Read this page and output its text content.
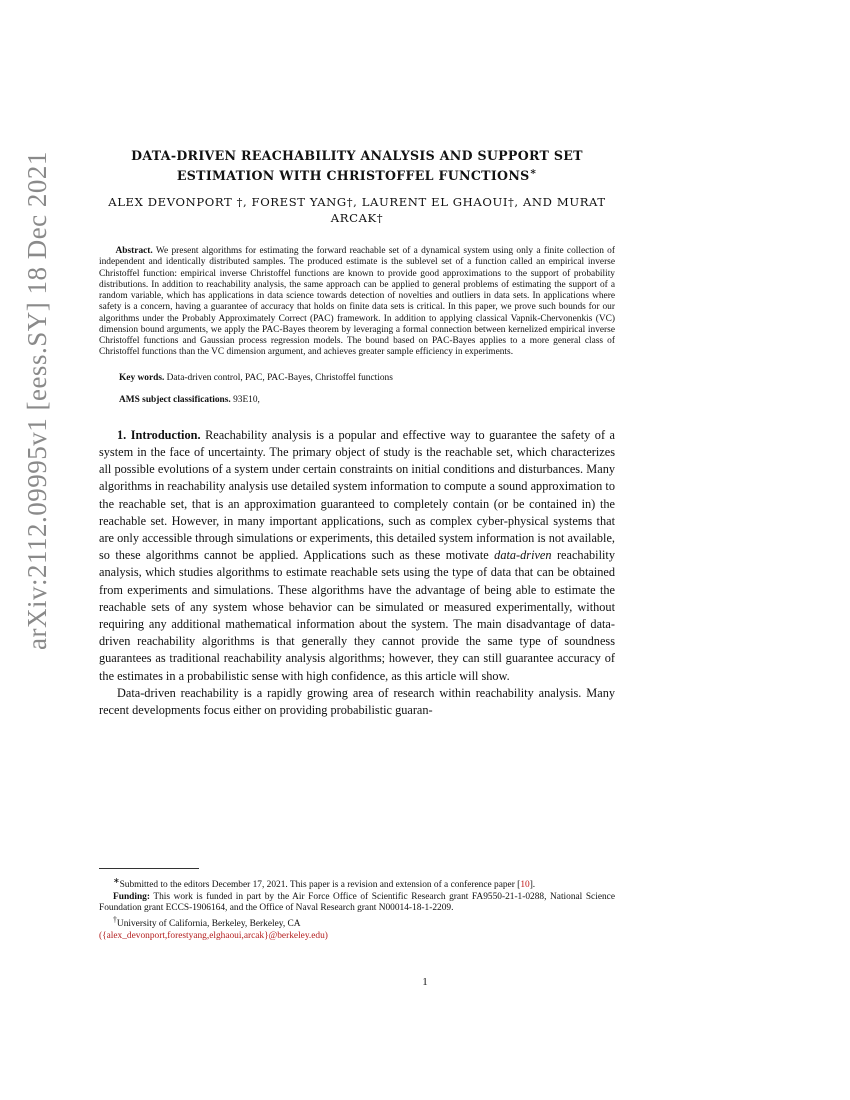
arXiv:2112.09995v1 [eess.SY] 18 Dec 2021	DATA-DRIVEN REACHABILITY ANALYSIS AND SUPPORT SET
ESTIMATION WITH CHRISTOFFEL FUNCTIONS∗
ALEX DEVONPORT †, FOREST YANG†, LAURENT EL GHAOUI†, AND MURAT
ARCAK†
Abstract. We present algorithms for estimating the forward reachable set of a dynamical system using only a finite collection of independent and identically distributed samples. The produced estimate is the sublevel set of a function called an empirical inverse Christoffel function: empirical inverse Christoffel functions are known to provide good approximations to the support of probability distributions. In addition to reachability analysis, the same approach can be applied to general problems of estimating the support of a random variable, which has applications in data science towards detection of novelties and outliers in data sets. In applications where safety is a concern, having a guarantee of accuracy that holds on finite data sets is critical. In this paper, we prove such bounds for our algorithms under the Probably Approximately Correct (PAC) framework. In addition to applying classical Vapnik-Chervonenkis (VC) dimension bound arguments, we apply the PAC-Bayes theorem by leveraging a formal connection between kernelized empirical inverse Christoffel functions and Gaussian process regression models. The bound based on PAC-Bayes applies to a more general class of Christoffel functions than the VC dimension argument, and achieves greater sample efficiency in experiments.
Key words. Data-driven control, PAC, PAC-Bayes, Christoffel functions
AMS subject classifications. 93E10,

1. Introduction. Reachability analysis is a popular and effective way to guarantee the safety of a system in the face of uncertainty. The primary object of study is the reachable set, which characterizes all possible evolutions of a system under certain constraints on initial conditions and disturbances. Many algorithms in reachability analysis use detailed system information to compute a sound approximation to the reachable set, that is an approximation guaranteed to completely contain (or be contained in) the reachable set. However, in many important applications, such as complex cyber-physical systems that are only accessible through simulations or experiments, this detailed system information is not available, so these algorithms cannot be applied. Applications such as these motivate data-driven reachability analysis, which studies algorithms to estimate reachable sets using the type of data that can be obtained from experiments and simulations. These algorithms have the advantage of being able to estimate the reachable sets of any system whose behavior can be simulated or measured experimentally, without requiring any additional mathematical information about the system. The main disadvantage of data-driven reachability algorithms is that generally they cannot provide the same type of soundness guarantees as traditional reachability analysis algorithms; however, they can still guarantee accuracy of the estimates in a probabilistic sense with high confidence, as this article will show.

Data-driven reachability is a rapidly growing area of research within reachability analysis. Many recent developments focus either on providing probabilistic guaran-

∗Submitted to the editors December 17, 2021. This paper is a revision and extension of a conference paper [10].

Funding: This work is funded in part by the Air Force Office of Scientific Research grant FA9550-21-1-0288, National Science Foundation grant ECCS-1906164, and the Office of Naval Research grant N00014-18-1-2209.

†University of California, Berkeley, Berkeley, CA

({alex_devonport,forestyang,elghaoui,arcak}@berkeley.edu)

1
